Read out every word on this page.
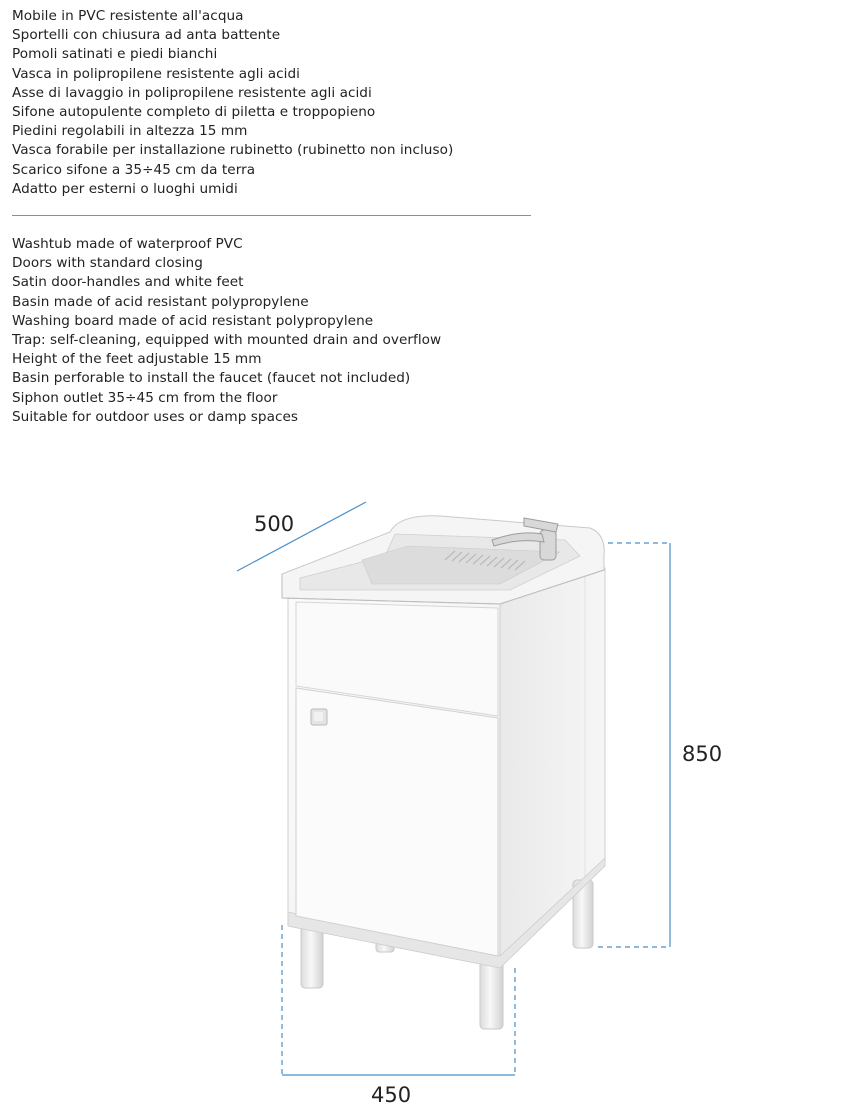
Mobile in PVC resistente all'acqua
Sportelli con chiusura ad anta battente
Pomoli satinati e piedi bianchi
Vasca in polipropilene resistente agli acidi
Asse di lavaggio in polipropilene resistente agli acidi
Sifone autopulente completo di piletta e troppopieno
Piedini regolabili in altezza 15 mm
Vasca forabile per installazione rubinetto (rubinetto non incluso)
Scarico sifone a 35÷45 cm da terra
Adatto per esterni o luoghi umidi
Washtub made of waterproof PVC
Doors with standard closing
Satin door-handles and white feet
Basin made of acid resistant polypropylene
Washing board made of acid resistant polypropylene
Trap: self-cleaning, equipped with mounted drain and overflow
Height of the feet adjustable 15 mm
Basin perforable to install the faucet (faucet not included)
Siphon outlet 35÷45 cm from the floor
Suitable for outdoor uses or damp spaces
500
850
450
